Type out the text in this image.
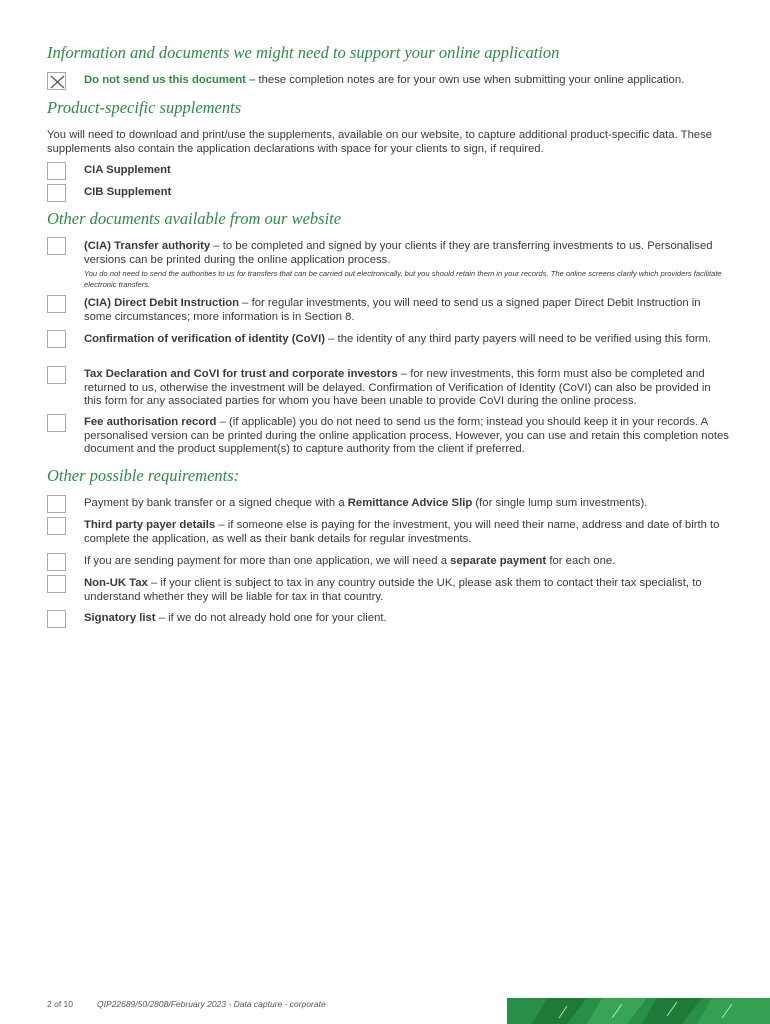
Information and documents we might need to support your online application
Do not send us this document – these completion notes are for your own use when submitting your online application.
Product-specific supplements
You will need to download and print/use the supplements, available on our website, to capture additional product-specific data. These supplements also contain the application declarations with space for your clients to sign, if required.
CIA Supplement
CIB Supplement
Other documents available from our website
(CIA) Transfer authority – to be completed and signed by your clients if they are transferring investments to us. Personalised versions can be printed during the online application process.
You do not need to send the authorities to us for transfers that can be carried out electronically, but you should retain them in your records. The online screens clarify which providers facilitate electronic transfers.
(CIA) Direct Debit Instruction – for regular investments, you will need to send us a signed paper Direct Debit Instruction in some circumstances; more information is in Section 8.
Confirmation of verification of identity (CoVI) – the identity of any third party payers will need to be verified using this form.
Tax Declaration and CoVI for trust and corporate investors – for new investments, this form must also be completed and returned to us, otherwise the investment will be delayed. Confirmation of Verification of Identity (CoVI) can also be provided in this form for any associated parties for whom you have been unable to provide CoVI during the online process.
Fee authorisation record – (if applicable) you do not need to send us the form; instead you should keep it in your records. A personalised version can be printed during the online application process. However, you can use and retain this completion notes document and the product supplement(s) to capture authority from the client if preferred.
Other possible requirements:
Payment by bank transfer or a signed cheque with a Remittance Advice Slip (for single lump sum investments).
Third party payer details – if someone else is paying for the investment, you will need their name, address and date of birth to complete the application, as well as their bank details for regular investments.
If you are sending payment for more than one application, we will need a separate payment for each one.
Non-UK Tax – if your client is subject to tax in any country outside the UK, please ask them to contact their tax specialist, to understand whether they will be liable for tax in that country.
Signatory list – if we do not already hold one for your client.
2 of 10	QIP22689/50/2808/February 2023 - Data capture - corporate
